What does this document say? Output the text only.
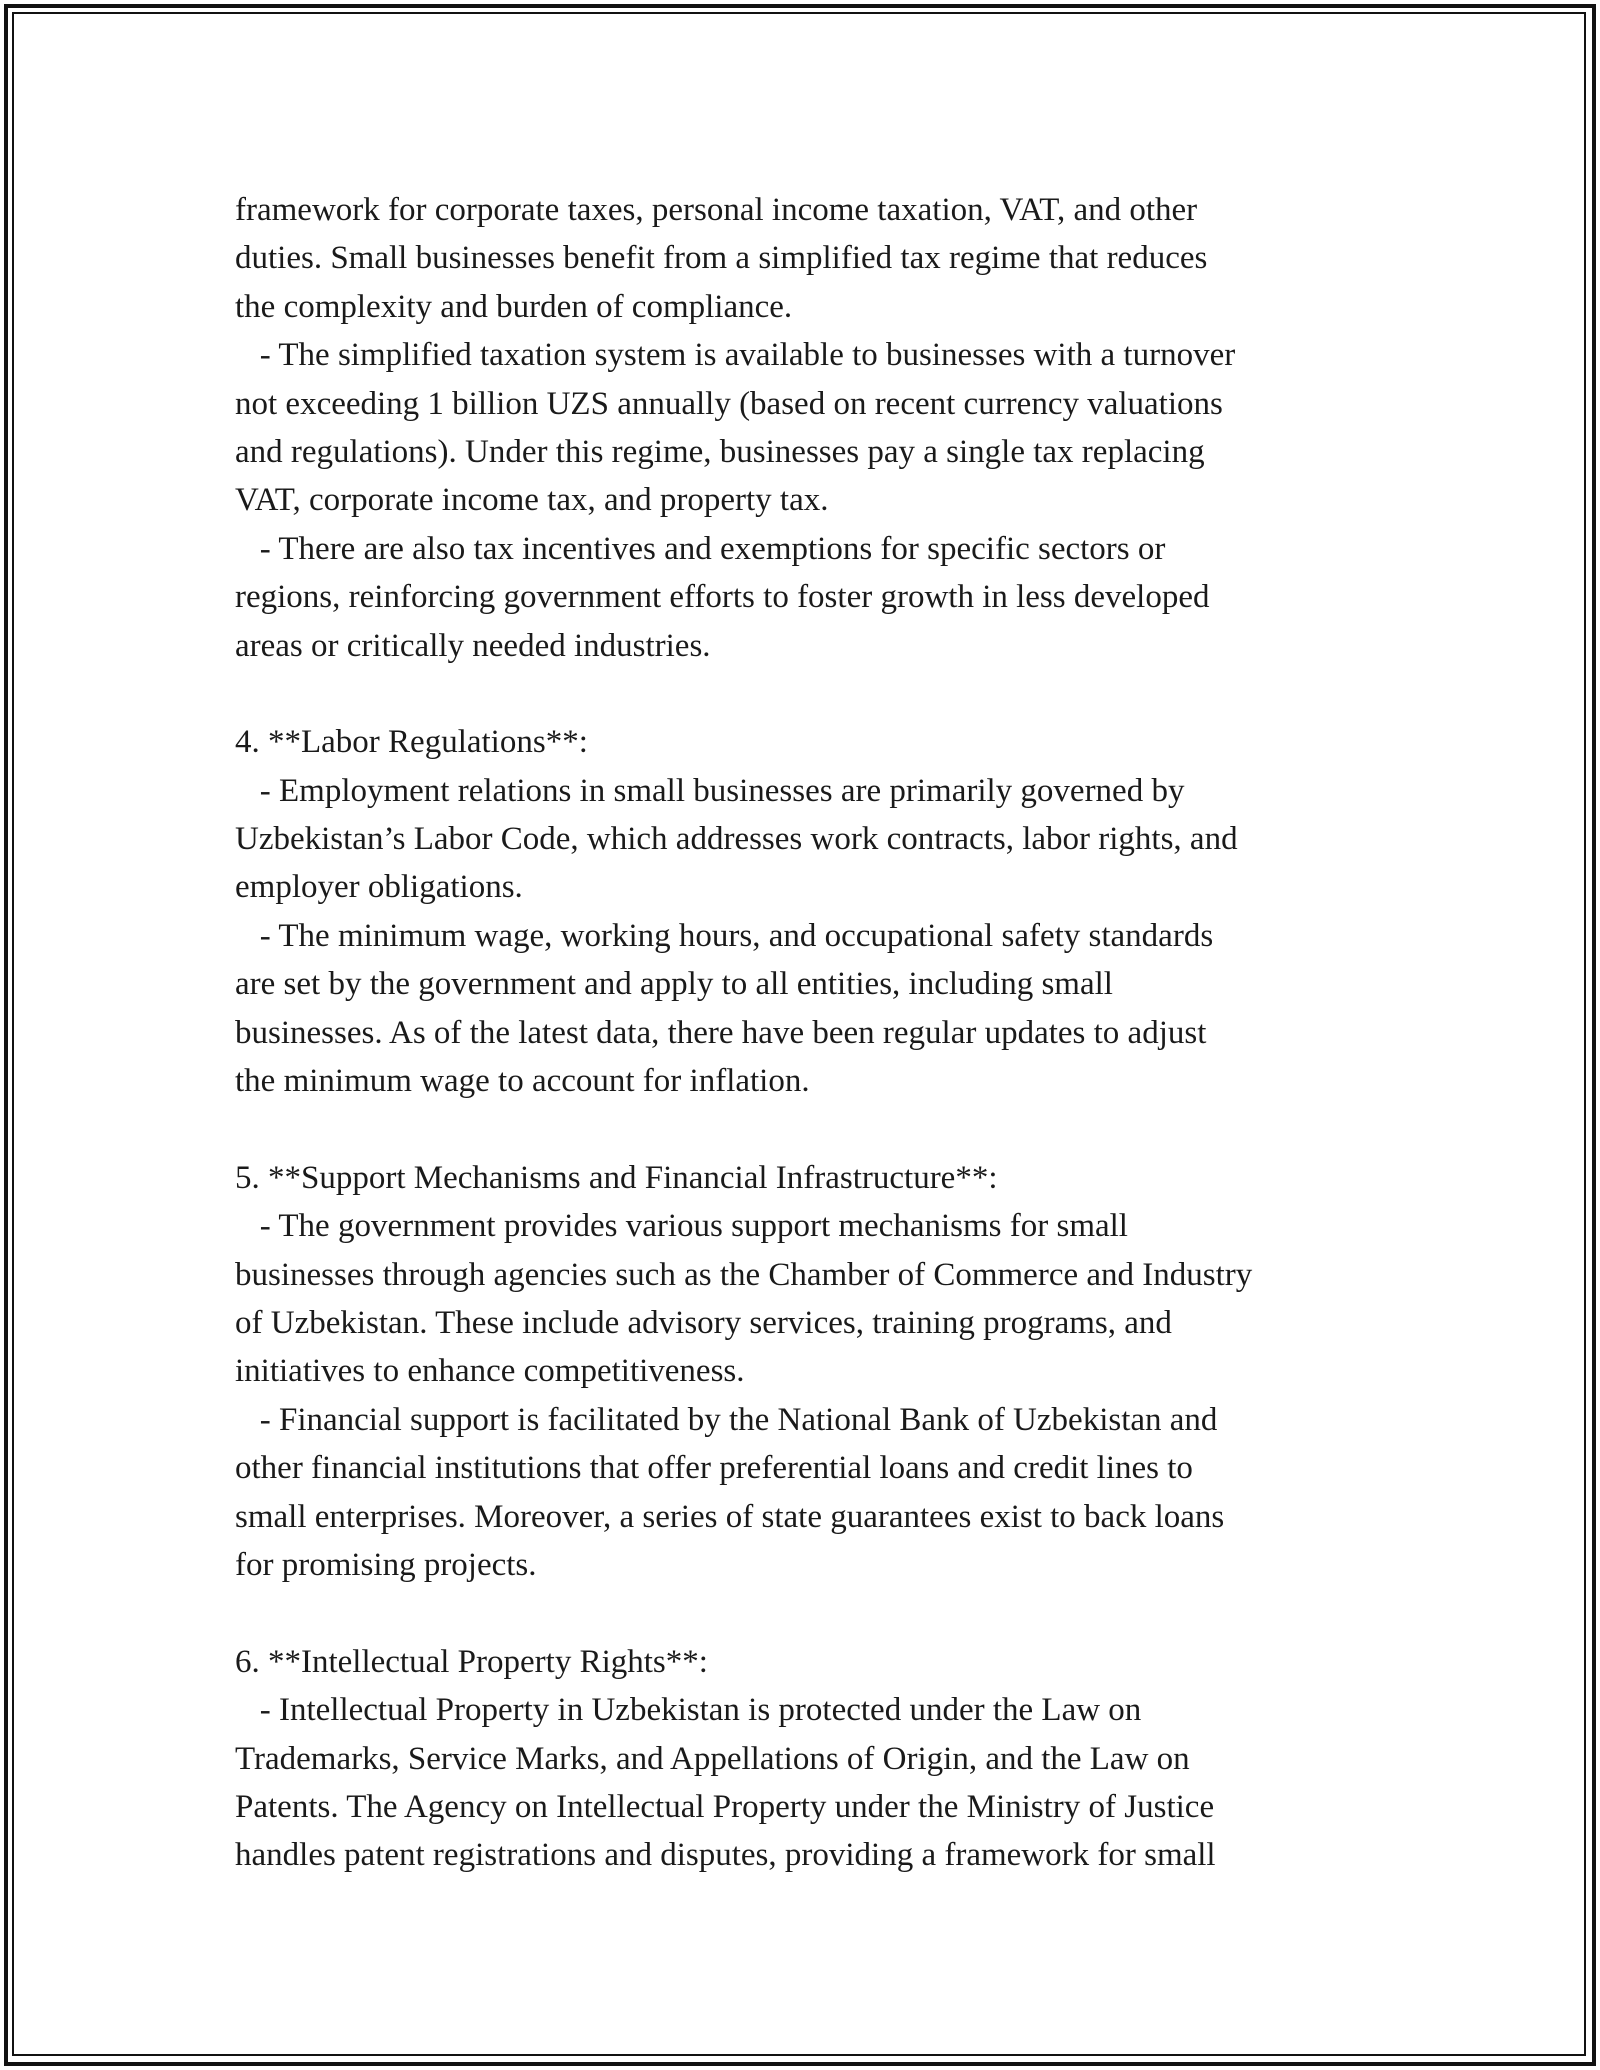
framework for corporate taxes, personal income taxation, VAT, and other
duties. Small businesses benefit from a simplified tax regime that reduces
the complexity and burden of compliance.
- The simplified taxation system is available to businesses with a turnover
not exceeding 1 billion UZS annually (based on recent currency valuations
and regulations). Under this regime, businesses pay a single tax replacing
VAT, corporate income tax, and property tax.
- There are also tax incentives and exemptions for specific sectors or
regions, reinforcing government efforts to foster growth in less developed
areas or critically needed industries.
4. **Labor Regulations**:
- Employment relations in small businesses are primarily governed by
Uzbekistan’s Labor Code, which addresses work contracts, labor rights, and
employer obligations.
- The minimum wage, working hours, and occupational safety standards
are set by the government and apply to all entities, including small
businesses. As of the latest data, there have been regular updates to adjust
the minimum wage to account for inflation.
5. **Support Mechanisms and Financial Infrastructure**:
- The government provides various support mechanisms for small
businesses through agencies such as the Chamber of Commerce and Industry
of Uzbekistan. These include advisory services, training programs, and
initiatives to enhance competitiveness.
- Financial support is facilitated by the National Bank of Uzbekistan and
other financial institutions that offer preferential loans and credit lines to
small enterprises. Moreover, a series of state guarantees exist to back loans
for promising projects.
6. **Intellectual Property Rights**:
- Intellectual Property in Uzbekistan is protected under the Law on
Trademarks, Service Marks, and Appellations of Origin, and the Law on
Patents. The Agency on Intellectual Property under the Ministry of Justice
handles patent registrations and disputes, providing a framework for small
